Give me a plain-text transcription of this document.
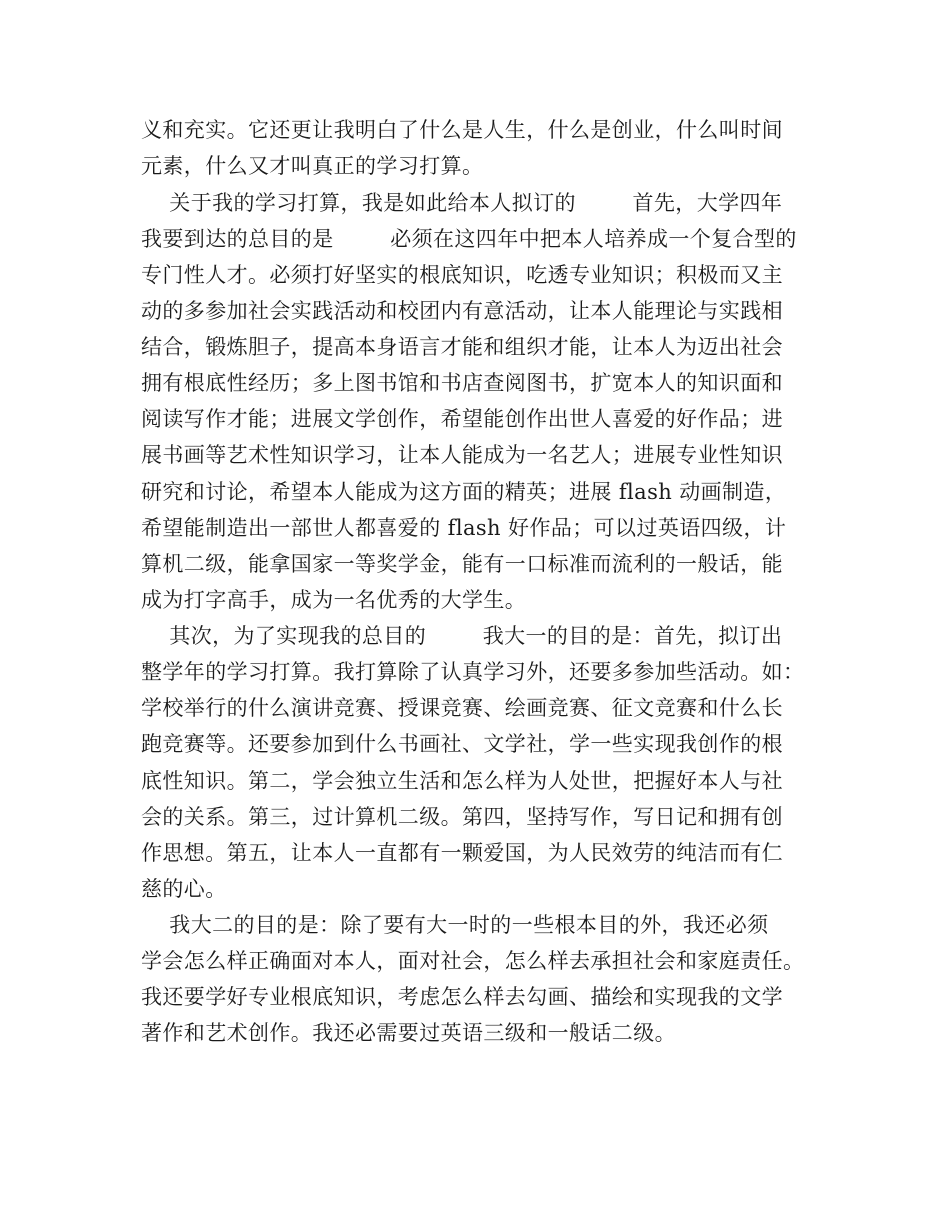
义和充实。它还更让我明白了什么是人生，什么是创业，什么叫时间

元素，什么又才叫真正的学习打算。

关于我的学习打算，我是如此给本人拟订的        首先，大学四年

我要到达的总目的是        必须在这四年中把本人培养成一个复合型的

专门性人才。必须打好坚实的根底知识，吃透专业知识；积极而又主

动的多参加社会实践活动和校团内有意活动，让本人能理论与实践相

结合，锻炼胆子，提高本身语言才能和组织才能，让本人为迈出社会

拥有根底性经历；多上图书馆和书店查阅图书，扩宽本人的知识面和

阅读写作才能；进展文学创作，希望能创作出世人喜爱的好作品；进

展书画等艺术性知识学习，让本人能成为一名艺人；进展专业性知识

研究和讨论，希望本人能成为这方面的精英；进展 flash 动画制造，

希望能制造出一部世人都喜爱的 flash 好作品；可以过英语四级，计

算机二级，能拿国家一等奖学金，能有一口标准而流利的一般话，能

成为打字高手，成为一名优秀的大学生。

其次，为了实现我的总目的        我大一的目的是：首先，拟订出

整学年的学习打算。我打算除了认真学习外，还要多参加些活动。如：

学校举行的什么演讲竞赛、授课竞赛、绘画竞赛、征文竞赛和什么长

跑竞赛等。还要参加到什么书画社、文学社，学一些实现我创作的根

底性知识。第二，学会独立生活和怎么样为人处世，把握好本人与社

会的关系。第三，过计算机二级。第四，坚持写作，写日记和拥有创

作思想。第五，让本人一直都有一颗爱国，为人民效劳的纯洁而有仁

慈的心。

我大二的目的是：除了要有大一时的一些根本目的外，我还必须

学会怎么样正确面对本人，面对社会，怎么样去承担社会和家庭责任。

我还要学好专业根底知识，考虑怎么样去勾画、描绘和实现我的文学

著作和艺术创作。我还必需要过英语三级和一般话二级。
